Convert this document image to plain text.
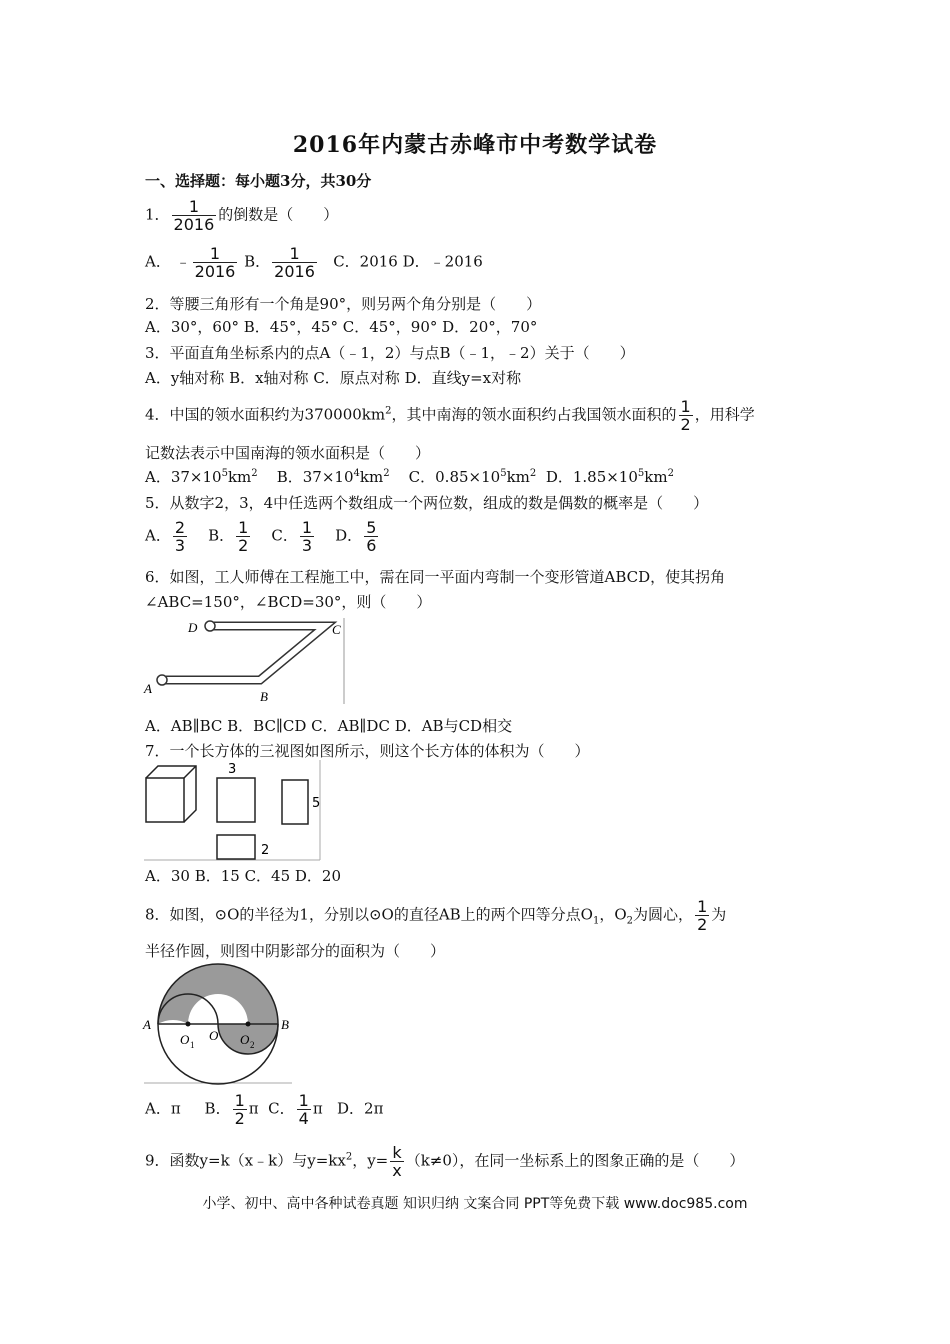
2016年内蒙古赤峰市中考数学试卷
一、选择题：每小题3分，共30分
1． $\frac{1}{2016}$ 的倒数是（　　）
A． ﹣ $\frac{1}{2016}$ B． $\frac{1}{2016}$ C．2016 D．﹣2016
2．等腰三角形有一个角是90°，则另两个角分别是（　　）
A．30°，60° B．45°，45° C．45°，90° D．20°，70°
3．平面直角坐标系内的点A（﹣1，2）与点B（﹣1，﹣2）关于（　　）
A．y轴对称 B．x轴对称 C．原点对称 D．直线y=x对称
4．中国的领水面积约为$370000km^2$，其中南海的领水面积约占我国领水面积的 $\frac{1}{2}$ ，用科学
记数法表示中国南海的领水面积是（　　）
A．$37\times 10^5km^2$ B．$37\times 10^4km^2$ C．$0.85\times 10^5km^2$ D．$1.85\times 10^5km^2$
5．从数字2，3，4中任选两个数组成一个两位数，组成的数是偶数的概率是（　　）
A． $\frac{2}{3}$ B． $\frac{1}{2}$ C． $\frac{1}{3}$ D． $\frac{5}{6}$
6．如图，工人师傅在工程施工中，需在同一平面内弯制一个变形管道ABCD，使其拐角
∠ABC=150°，∠BCD=30°，则（　　）
A
B
C
D
A．AB∥BC B．BC∥CD C．AB∥DC D．AB与CD相交
7．一个长方体的三视图如图所示，则这个长方体的体积为（　　）
3
5
2
A．30 B．15 C．45 D．20
8．如图，⊙O的半径为1，分别以⊙O的直径AB上的两个四等分点$O_1$，$O_2$为圆心， $\frac{1}{2}$ 为
半径作圆，则图中阴影部分的面积为（　　）
A	B
O
O 1	O 2
A．π B． $\frac{1}{2}$ π C． $\frac{1}{4}$ π D．2π
9．函数y=k（x﹣k）与$y=kx^2$，$y= \frac{k}{x} (k\ne 0)$，在同一坐标系上的图象正确的是（　　）
小学、初中、高中各种试卷真题 知识归纳 文案合同 PPT等免费下载 www.doc985.com
